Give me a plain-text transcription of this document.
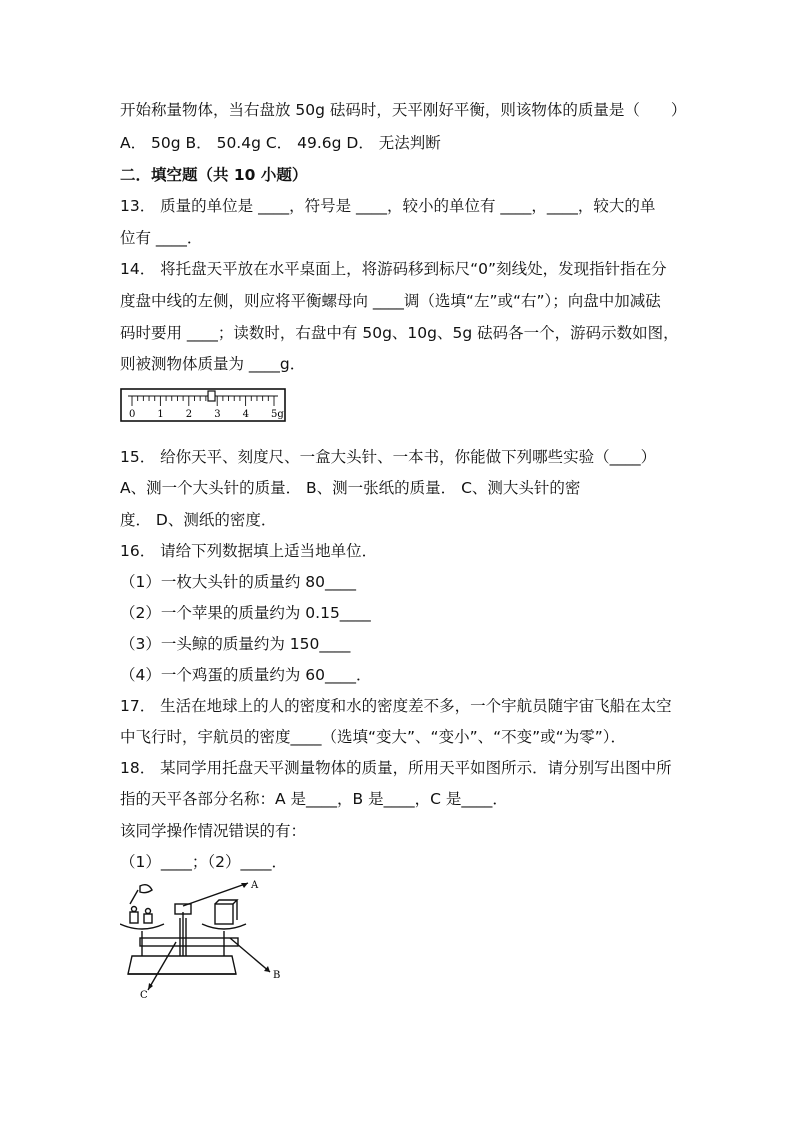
开始称量物体，当右盘放 50g 砝码时，天平刚好平衡，则该物体的质量是（　　）
A． 50g B． 50.4g C． 49.6g D． 无法判断
二．填空题（共 10 小题）
13． 质量的单位是 ____，符号是 ____，较小的单位有 ____，____，较大的单
位有 ____．
14． 将托盘天平放在水平桌面上，将游码移到标尺“0”刻线处，发现指针指在分
度盘中线的左侧，则应将平衡螺母向 ____调（选填“左”或“右”）；向盘中加减砝
码时要用 ____；读数时，右盘中有 50g、10g、5g 砝码各一个，游码示数如图，
则被测物体质量为 ____g．
0 1 2 3 4 5g
15． 给你天平、刻度尺、一盒大头针、一本书，你能做下列哪些实验（____）
A、测一个大头针的质量． B、测一张纸的质量． C、测大头针的密
度． D、测纸的密度．
16． 请给下列数据填上适当地单位．
（1）一枚大头针的质量约 80____
（2）一个苹果的质量约为 0.15____
（3）一头鲸的质量约为 150____
（4）一个鸡蛋的质量约为 60____．
17． 生活在地球上的人的密度和水的密度差不多，一个宇航员随宇宙飞船在太空
中飞行时，宇航员的密度____（选填“变大”、“变小”、“不变”或“为零”）．
18． 某同学用托盘天平测量物体的质量，所用天平如图所示．请分别写出图中所
指的天平各部分名称：A 是____，B 是____，C 是____．
该同学操作情况错误的有：
（1）____；（2）____．
A
B
C
